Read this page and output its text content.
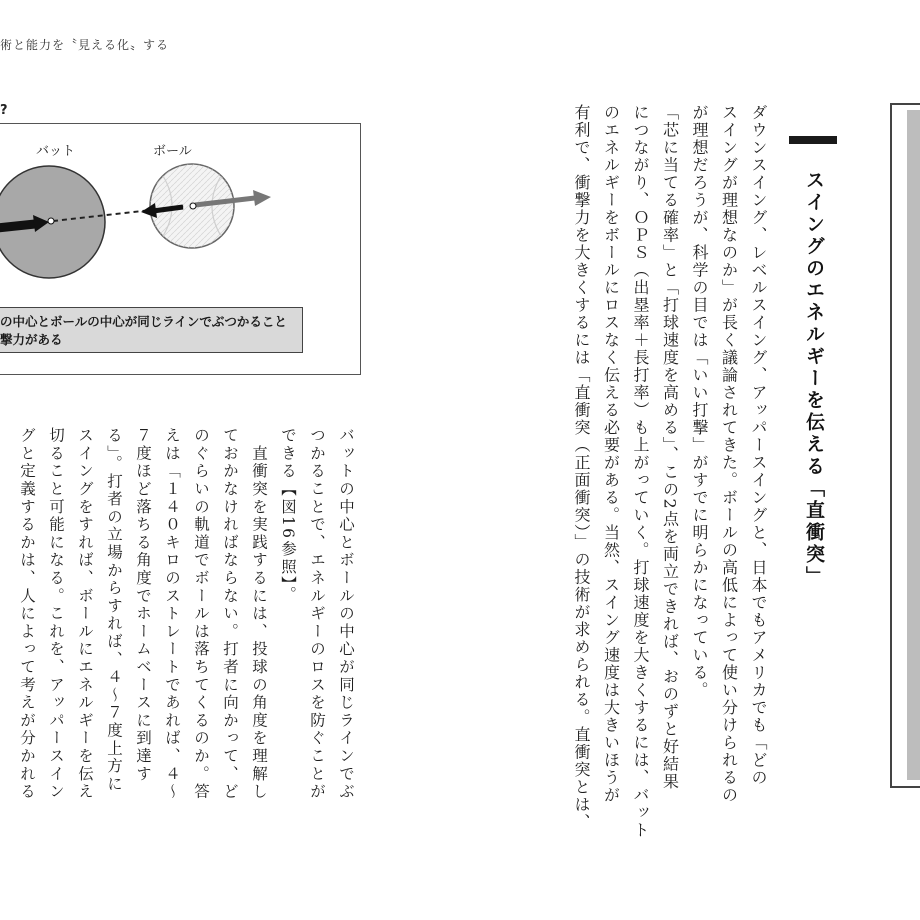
術と能力を〝見える化〟する
?
バット	ボール
の中心とボールの中心が同じラインでぶつかること
撃力がある
バットの中心とボールの中心が同じラインでぶ
つかることで、エネルギーのロスを防ぐことが
できる【図16参照】。
　直衝突を実践するには、投球の角度を理解し
ておかなければならない。打者に向かって、ど
のぐらいの軌道でボールは落ちてくるのか。答
えは「１４０キロのストレートであれば、４〜
７度ほど落ちる角度でホームベースに到達す
る」。打者の立場からすれば、４〜７度上方に
スイングをすれば、ボールにエネルギーを伝え
切ること可能になる。これを、アッパースイン
グと定義するかは、人によって考えが分かれる	ダウンスイング、レベルスイング、アッパースイングと、日本でもアメリカでも「どの
スイングが理想なのか」が長く議論されてきた。ボールの高低によって使い分けられるの
が理想だろうが、科学の目では「いい打撃」がすでに明らかになっている。
「芯に当てる確率」と「打球速度を高める」、この2点を両立できれば、おのずと好結果
につながり、ＯＰＳ（出塁率＋長打率）も上がっていく。打球速度を大きくするには、バット
のエネルギーをボールにロスなく伝える必要がある。当然、スイング速度は大きいほうが
有利で、衝撃力を大きくするには「直衝突（正面衝突）」の技術が求められる。直衝突とは、	スイングのエネルギーを伝える「直衝突」
